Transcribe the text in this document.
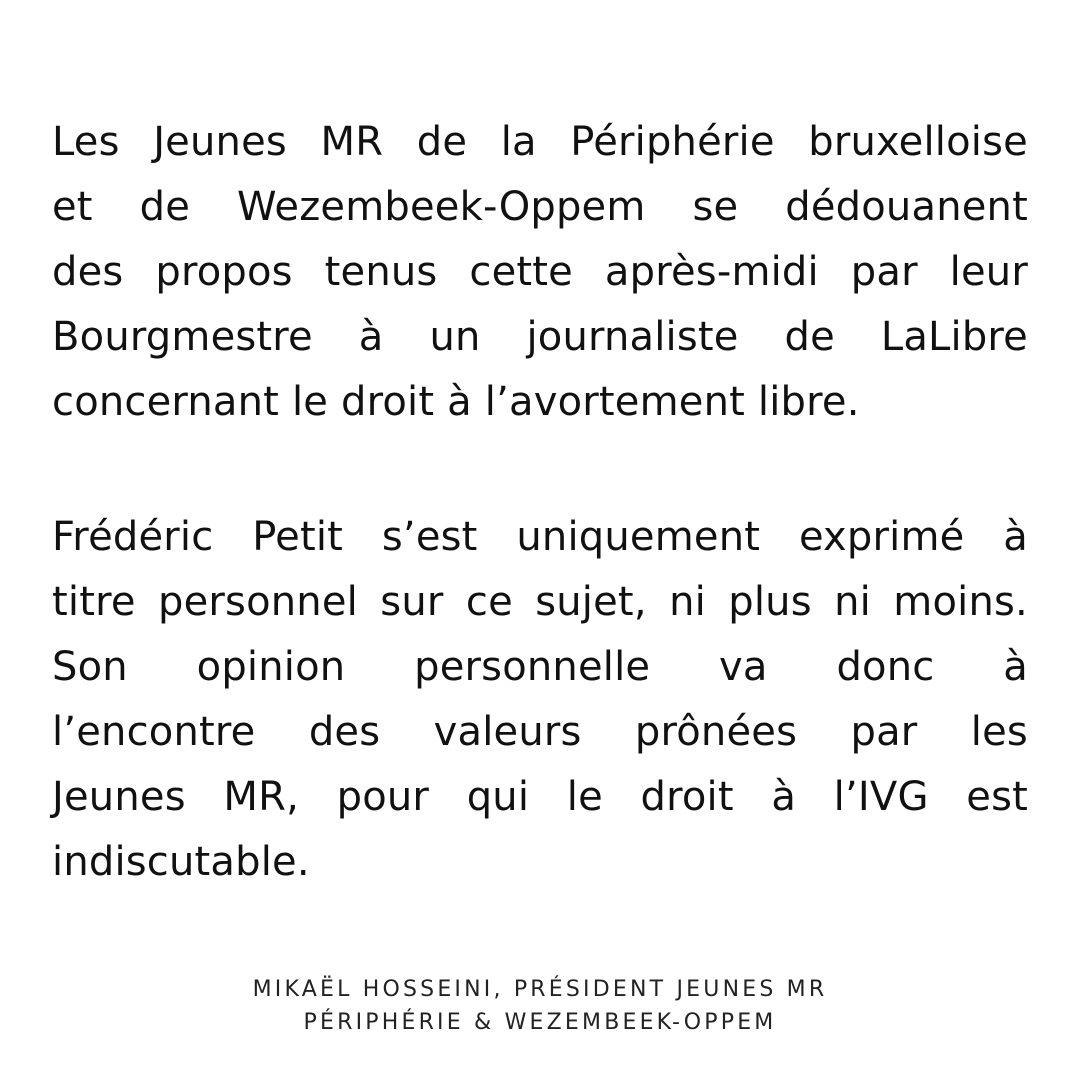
Les Jeunes MR de la Périphérie bruxelloise
et de Wezembeek-Oppem se dédouanent
des propos tenus cette après-midi par leur
Bourgmestre à un journaliste de LaLibre
concernant le droit à l’avortement libre.
Frédéric Petit s’est uniquement exprimé à
titre personnel sur ce sujet, ni plus ni moins.
Son opinion personnelle va donc à
l’encontre des valeurs prônées par les
Jeunes MR, pour qui le droit à l’IVG est
indiscutable.
MIKAËL HOSSEINI, PRÉSIDENT JEUNES MR
PÉRIPHÉRIE & WEZEMBEEK-OPPEM
